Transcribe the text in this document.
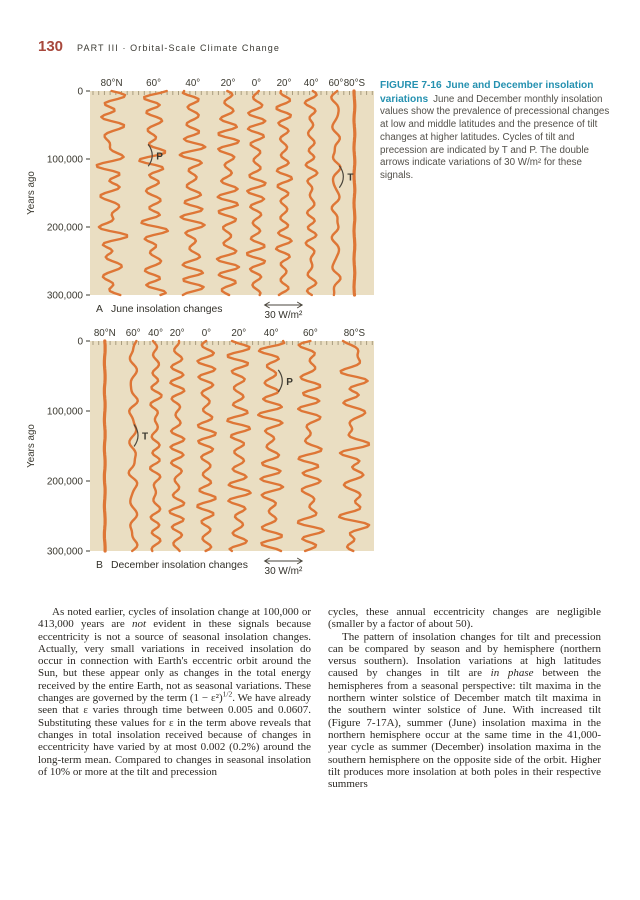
130 PART III · Orbital-Scale Climate Change
80°N 60° 40° 20° 0° 20° 40° 60° 80°S
0
100,000
200,000
300,000
Years ago
P
T
30 W/m²
A June insolation changes
FIGURE 7-16 June and December insolation variations June and December monthly insolation values show the prevalence of precessional changes at low and middle latitudes and the presence of tilt changes at higher latitudes. Cycles of tilt and precession are indicated by T and P. The double arrows indicate variations of 30 W/m² for these signals.
80°N 60° 40° 20° 0° 20° 40° 60°	80°S
0
100,000
200,000
300,000
Years ago	T
P
30 W/m²
B December insolation changes

As noted earlier, cycles of insolation change at 100,000 or 413,000 years are not evident in these signals because eccentricity is not a source of seasonal insolation changes. Actually, very small variations in received insolation do occur in connection with Earth's eccentric orbit around the Sun, but these appear only as changes in the total energy received by the entire Earth, not as seasonal variations. These changes are governed by the term $(1 - \varepsilon^2)^{1/2}$. We have already seen that ε varies through time between 0.005 and 0.0607. Substituting these values for ε in the term above reveals that changes in total insolation received because of changes in eccentricity have varied by at most 0.002 (0.2%) around the long-term mean. Compared to changes in seasonal insolation of 10% or more at the tilt and precession

cycles, these annual eccentricity changes are negligible (smaller by a factor of about 50).

The pattern of insolation changes for tilt and precession can be compared by season and by hemisphere (northern versus southern). Insolation variations at high latitudes caused by changes in tilt are in phase between the hemispheres from a seasonal perspective: tilt maxima in the northern winter solstice of December match tilt maxima in the southern winter solstice of June. With increased tilt (Figure 7-17A), summer (June) insolation maxima in the northern hemisphere occur at the same time in the 41,000-year cycle as summer (December) insolation maxima in the southern hemisphere on the opposite side of the orbit. Higher tilt produces more insolation at both poles in their respective summers
